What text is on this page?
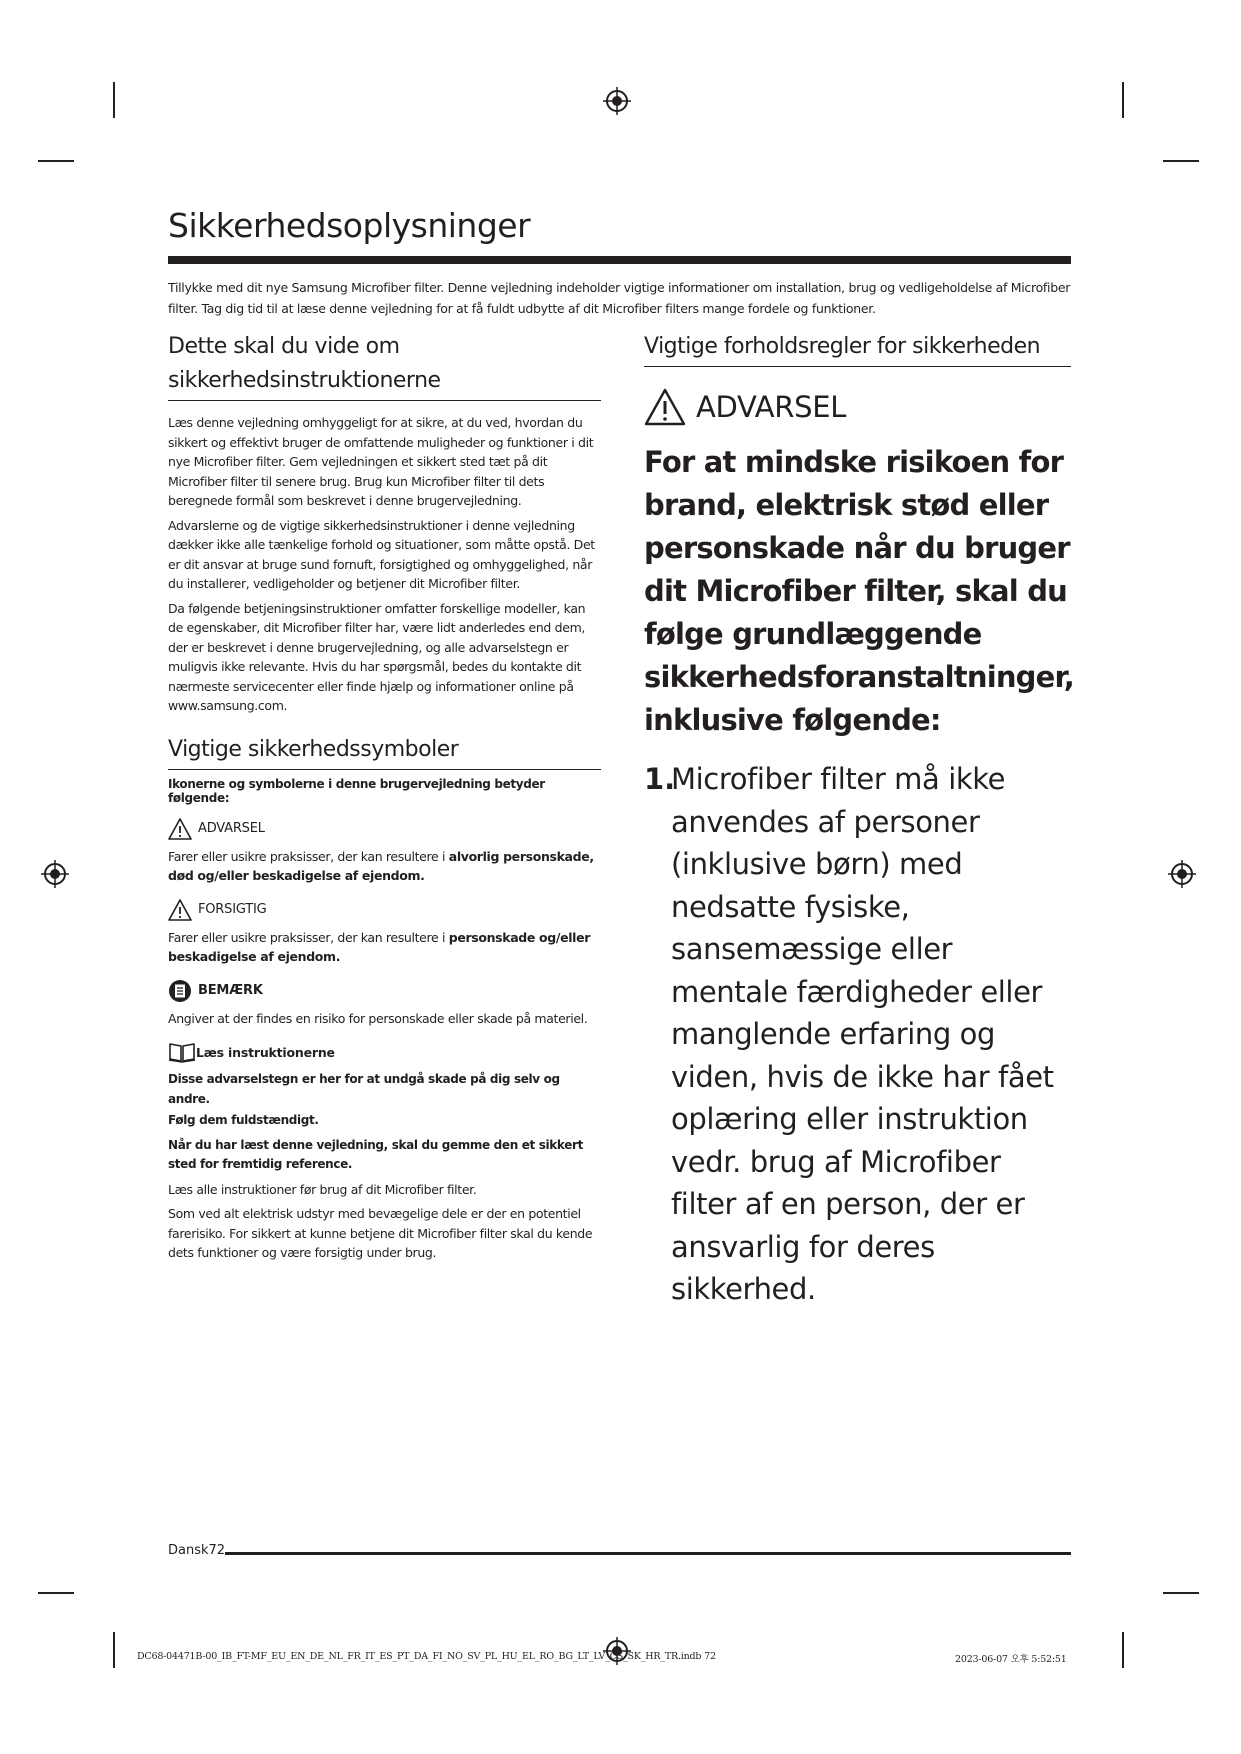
Sikkerhedsoplysninger
Tillykke med dit nye Samsung Microfiber filter. Denne vejledning indeholder vigtige informationer om installation, brug og vedligeholdelse af Microfiber filter. Tag dig tid til at læse denne vejledning for at få fuldt udbytte af dit Microfiber filters mange fordele og funktioner.
Dette skal du vide om sikkerhedsinstruktionerne

Læs denne vejledning omhyggeligt for at sikre, at du ved, hvordan du sikkert og effektivt bruger de omfattende muligheder og funktioner i dit nye Microfiber filter. Gem vejledningen et sikkert sted tæt på dit Microfiber filter til senere brug. Brug kun Microfiber filter til dets beregnede formål som beskrevet i denne brugervejledning.

Advarslerne og de vigtige sikkerhedsinstruktioner i denne vejledning dækker ikke alle tænkelige forhold og situationer, som måtte opstå. Det er dit ansvar at bruge sund fornuft, forsigtighed og omhyggelighed, når du installerer, vedligeholder og betjener dit Microfiber filter.

Da følgende betjeningsinstruktioner omfatter forskellige modeller, kan de egenskaber, dit Microfiber filter har, være lidt anderledes end dem, der er beskrevet i denne brugervejledning, og alle advarselstegn er muligvis ikke relevante. Hvis du har spørgsmål, bedes du kontakte dit nærmeste servicecenter eller finde hjælp og informationer online på www.samsung.com.

Vigtige sikkerhedssymboler
Ikonerne og symbolerne i denne brugervejledning betyder følgende:
ADVARSEL

Farer eller usikre praksisser, der kan resultere i alvorlig personskade, død og/eller beskadigelse af ejendom.

FORSIGTIG

Farer eller usikre praksisser, der kan resultere i personskade og/eller beskadigelse af ejendom.

BEMÆRK

Angiver at der findes en risiko for personskade eller skade på materiel.

Læs instruktionerne

Disse advarselstegn er her for at undgå skade på dig selv og andre.

Følg dem fuldstændigt.

Når du har læst denne vejledning, skal du gemme den et sikkert sted for fremtidig reference.

Læs alle instruktioner før brug af dit Microfiber filter.

Som ved alt elektrisk udstyr med bevægelige dele er der en potentiel farerisiko. For sikkert at kunne betjene dit Microfiber filter skal du kende dets funktioner og være forsigtig under brug.

Vigtige forholdsregler for sikkerheden
ADVARSEL
For at mindske risikoen for brand, elektrisk stød eller personskade når du bruger dit Microfiber filter, skal du følge grundlæggende sikkerhedsforanstaltninger, inklusive følgende:
1.
Microfiber filter må ikke anvendes af personer (inklusive børn) med nedsatte fysiske, sansemæssige eller mentale færdigheder eller manglende erfaring og viden, hvis de ikke har fået oplæring eller instruktion vedr. brug af Microfiber filter af en person, der er ansvarlig for deres sikkerhed.
Dansk72
DC68-04471B-00_IB_FT-MF_EU_EN_DE_NL_FR_IT_ES_PT_DA_FI_NO_SV_PL_HU_EL_RO_BG_LT_LV_CS_SK_HR_TR.indb 72	2023-06-07 오후 5:52:51
